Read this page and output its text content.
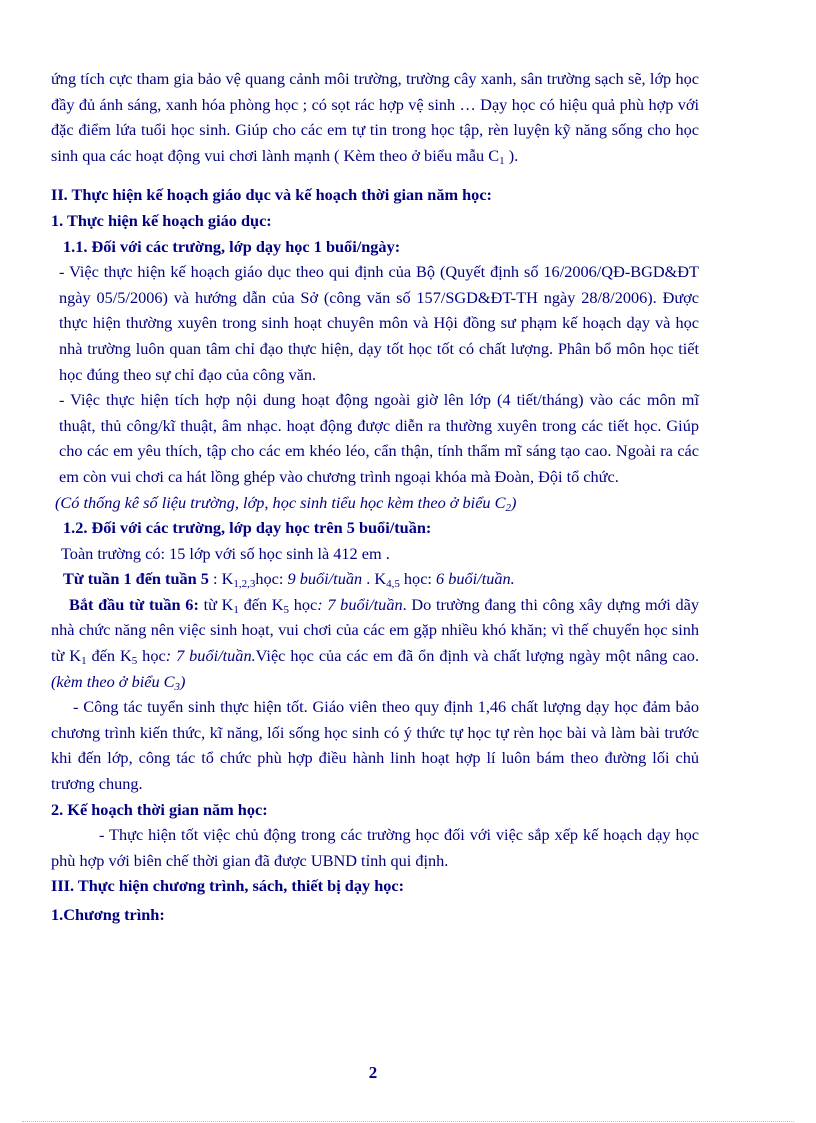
ứng tích cực tham gia bảo vệ quang cảnh môi trường, trường cây xanh, sân trường sạch sẽ, lớp học đầy đủ ánh sáng, xanh hóa phòng học ; có sọt rác hợp vệ sinh … Dạy học có hiệu quả phù hợp với đặc điểm lứa tuổi học sinh. Giúp cho các em tự tin trong học tập, rèn luyện kỹ năng sống cho học sinh qua các hoạt động vui chơi lành mạnh ( Kèm theo ở biểu mẫu $C_1$ ).

II. Thực hiện kế hoạch giáo dục và kế hoạch thời gian năm học:

1. Thực hiện kế hoạch giáo dục:

1.1. Đối với các trường, lớp dạy học 1 buổi/ngày:

- Việc thực hiện kế hoạch giáo dục theo qui định của Bộ (Quyết định số 16/2006/QĐ-BGD&ĐT ngày 05/5/2006) và hướng dẫn của Sở (công văn số 157/SGD&ĐT-TH ngày 28/8/2006). Được thực hiện thường xuyên trong sinh hoạt chuyên môn và Hội đồng sư phạm kế hoạch dạy và học nhà trường luôn quan tâm chỉ đạo thực hiện, dạy tốt học tốt có chất lượng. Phân bổ môn học tiết học đúng theo sự chỉ đạo của công văn.

- Việc thực hiện tích hợp nội dung hoạt động ngoài giờ lên lớp (4 tiết/tháng) vào các môn mĩ thuật, thủ công/kĩ thuật, âm nhạc. hoạt động được diễn ra thường xuyên trong các tiết học. Giúp cho các em yêu thích, tập cho các em khéo léo, cẩn thận, tính thẩm mĩ sáng tạo cao. Ngoài ra các em còn vui chơi ca hát lồng ghép vào chương trình ngoại khóa mà Đoàn, Đội tổ chức.

(Có thống kê số liệu trường, lớp, học sinh tiểu học kèm theo ở biểu $C_2$)

1.2. Đối với các trường, lớp dạy học trên 5 buổi/tuần:

Toàn trường có: 15 lớp với số học sinh là 412 em .

Từ tuần 1 đến tuần 5 : $K_{1,2,3}học$: 9 buổi/tuần . $K_{4,5}$ học: 6 buổi/tuần.

Bắt đầu từ tuần 6: từ $K_1$ đến $K_5$ học: 7 buổi/tuần. Do trường đang thi công xây dựng mới dãy nhà chức năng nên việc sinh hoạt, vui chơi của các em gặp nhiều khó khăn; vì thế chuyển học sinh từ $K_1$ đến $K_5$ học: 7 buổi/tuần.Việc học của các em đã ổn định và chất lượng ngày một nâng cao. (kèm theo ở biểu $C_3$)

- Công tác tuyển sinh thực hiện tốt. Giáo viên theo quy định 1,46 chất lượng dạy học đảm bảo chương trình kiến thức, kĩ năng, lối sống học sinh có ý thức tự học tự rèn học bài và làm bài trước khi đến lớp, công tác tổ chức phù hợp điều hành linh hoạt hợp lí luôn bám theo đường lối chủ trương chung.

2. Kế hoạch thời gian năm học:

- Thực hiện tốt việc chủ động trong các trường học đối với việc sắp xếp kế hoạch dạy học phù hợp với biên chế thời gian đã được UBND tỉnh qui định.

III. Thực hiện chương trình, sách, thiết bị dạy học:

1.Chương trình:

2
